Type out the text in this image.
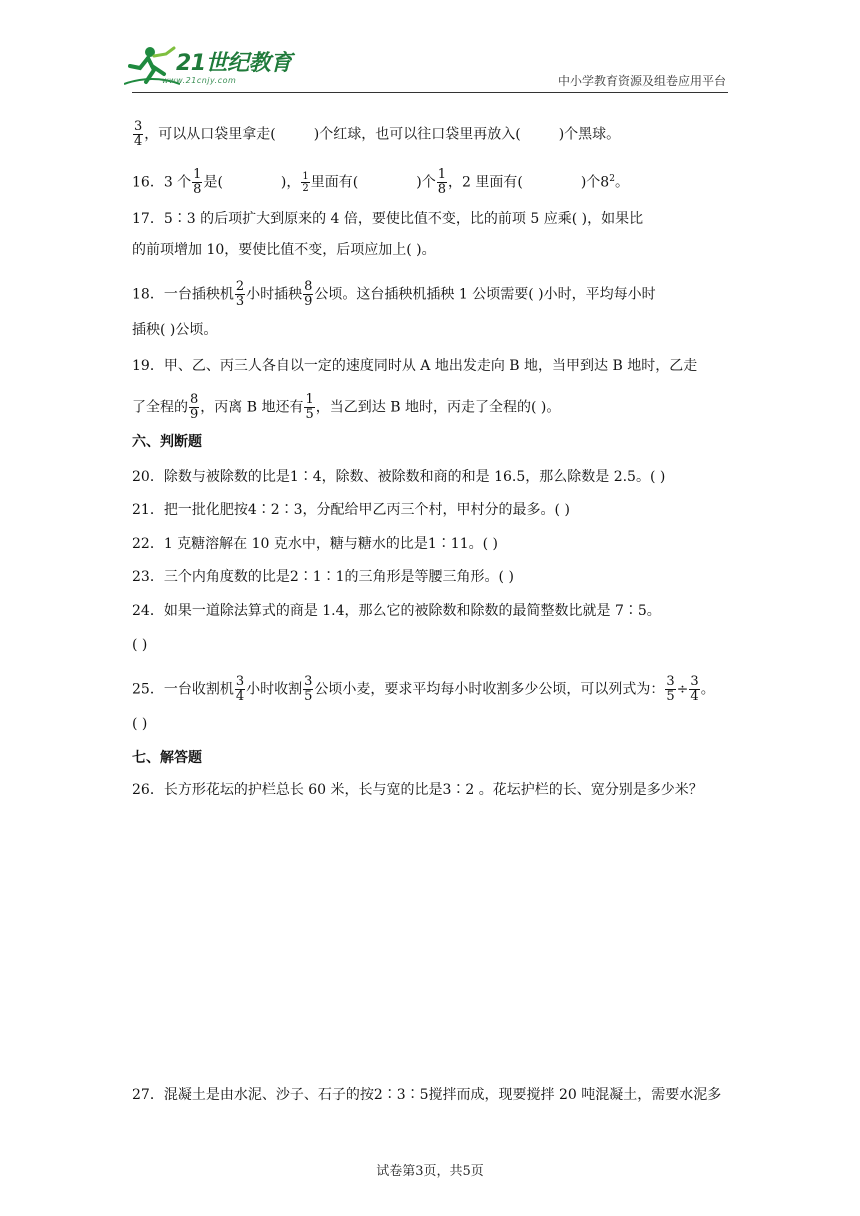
21世纪教育
www.21cnjy.com	中小学教育资源及组卷应用平台
$\frac{3}{4}$ ，可以从口袋里拿走(	)个红球，也可以往口袋里再放入(	)个黑球。
16．3 个 $\frac{1}{8}$ 是(	)， $\frac{1}{2}$ 里面有(	)个 $\frac{1}{8}$ ，2 里面有(	)个$8^2$。
17．5∶3 的后项扩大到原来的 4 倍，要使比值不变，比的前项 5 应乘( )，如果比
的前项增加 10，要使比值不变，后项应加上( )。
18．一台插秧机 $\frac{2}{3}$ 小时插秧 $\frac{8}{9}$ 公顷。这台插秧机插秧 1 公顷需要( )小时，平均每小时
插秧( )公顷。
19．甲、乙、丙三人各自以一定的速度同时从 A 地出发走向 B 地，当甲到达 B 地时，乙走
了全程的 $\frac{8}{9}$ ，丙离 B 地还有 $\frac{1}{5}$ ，当乙到达 B 地时，丙走了全程的( )。
六、判断题
20．除数与被除数的比是1∶4，除数、被除数和商的和是 16.5，那么除数是 2.5。( )
21．把一批化肥按4∶2∶3，分配给甲乙丙三个村，甲村分的最多。( )
22．1 克糖溶解在 10 克水中，糖与糖水的比是1∶11。( )
23．三个内角度数的比是2∶1∶1的三角形是等腰三角形。( )
24．如果一道除法算式的商是 1.4，那么它的被除数和除数的最简整数比就是 7∶5。
( )
25．一台收割机 $\frac{3}{4}$ 小时收割 $\frac{3}{5}$ 公顷小麦，要求平均每小时收割多少公顷，可以列式为： $\frac{3}{5} \div \frac{3}{4}$ 。
( )
七、解答题
26．长方形花坛的护栏总长 60 米，长与宽的比是3∶2 。花坛护栏的长、宽分别是多少米？
27．混凝土是由水泥、沙子、石子的按2∶3∶5搅拌而成，现要搅拌 20 吨混凝土，需要水泥多
试卷第3页，共5页
